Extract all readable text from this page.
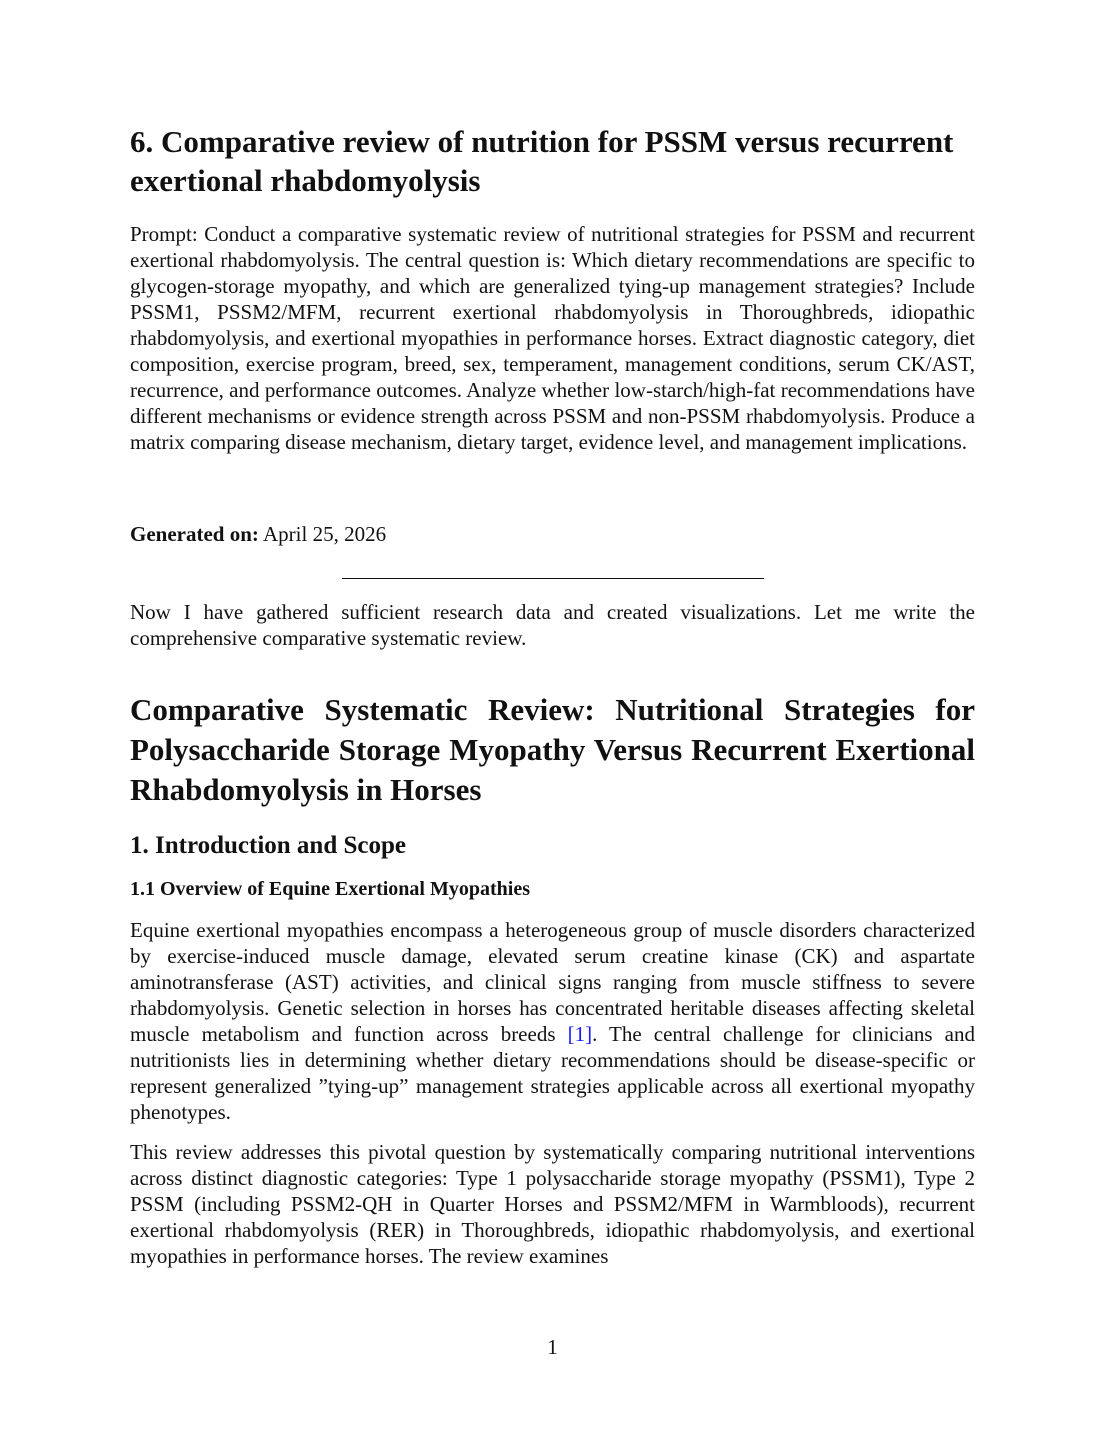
6. Comparative review of nutrition for PSSM versus recurrent exertional rhabdomyolysis

Prompt: Conduct a comparative systematic review of nutritional strategies for PSSM and recurrent exertional rhabdomyolysis. The central question is: Which dietary recommendations are specific to glycogen-storage myopathy, and which are generalized tying-up management strategies? Include PSSM1, PSSM2/MFM, recurrent exertional rhabdomyolysis in Thoroughbreds, idiopathic rhabdomyolysis, and exertional myopathies in performance horses. Extract diagnostic category, diet composition, exercise program, breed, sex, temperament, management conditions, serum CK/AST, recurrence, and performance outcomes. Analyze whether low-starch/high-fat recommendations have different mechanisms or evidence strength across PSSM and non-PSSM rhabdomyolysis. Produce a matrix comparing disease mechanism, dietary target, evidence level, and management implications.

Generated on: April 25, 2026

Now I have gathered sufficient research data and created visualizations. Let me write the comprehensive comparative systematic review.

Comparative Systematic Review: Nutritional Strategies for Polysaccharide Storage Myopathy Versus Recurrent Exertional Rhabdomyolysis in Horses
1. Introduction and Scope
1.1 Overview of Equine Exertional Myopathies

Equine exertional myopathies encompass a heterogeneous group of muscle disorders characterized by exercise-induced muscle damage, elevated serum creatine kinase (CK) and aspartate aminotransferase (AST) activities, and clinical signs ranging from muscle stiffness to severe rhabdomyolysis. Genetic selection in horses has concentrated heritable diseases affecting skeletal muscle metabolism and function across breeds [1]. The central challenge for clinicians and nutritionists lies in determining whether dietary recommendations should be disease-specific or represent generalized ”tying-up” management strategies applicable across all exertional myopathy phenotypes.

This review addresses this pivotal question by systematically comparing nutritional interventions across distinct diagnostic categories: Type 1 polysaccharide storage myopathy (PSSM1), Type 2 PSSM (including PSSM2-QH in Quarter Horses and PSSM2/MFM in Warmbloods), recurrent exertional rhabdomyolysis (RER) in Thoroughbreds, idiopathic rhabdomyolysis, and exertional myopathies in performance horses. The review examines

1
